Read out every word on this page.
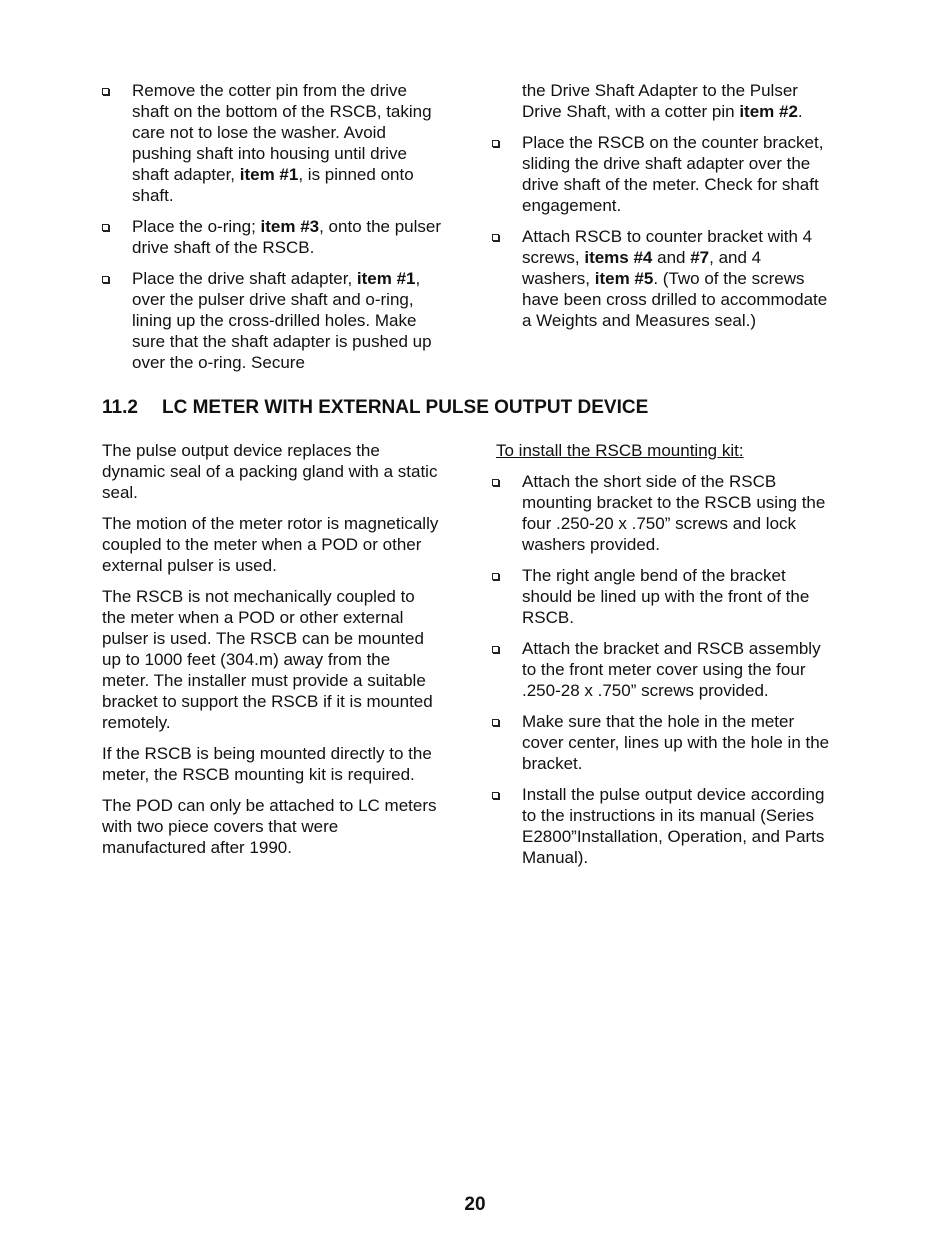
Remove the cotter pin from the drive shaft on the bottom of the RSCB, taking care not to lose the washer. Avoid pushing shaft into housing until drive shaft adapter, item #1, is pinned onto shaft.
Place the o-ring; item #3, onto the pulser drive shaft of the RSCB.
Place the drive shaft adapter, item #1, over the pulser drive shaft and o-ring, lining up the cross-drilled holes. Make sure that the shaft adapter is pushed up over the o-ring. Secure
the Drive Shaft Adapter to the Pulser Drive Shaft, with a cotter pin item #2.
Place the RSCB on the counter bracket, sliding the drive shaft adapter over the drive shaft of the meter. Check for shaft engagement.
Attach RSCB to counter bracket with 4 screws, items #4 and #7, and 4 washers, item #5. (Two of the screws have been cross drilled to accommodate a Weights and Measures seal.)
11.2 LC METER WITH EXTERNAL PULSE OUTPUT DEVICE

The pulse output device replaces the dynamic seal of a packing gland with a static seal.

The motion of the meter rotor is magnetically coupled to the meter when a POD or other external pulser is used.

The RSCB is not mechanically coupled to the meter when a POD or other external pulser is used. The RSCB can be mounted up to 1000 feet (304.m) away from the meter. The installer must provide a suitable bracket to support the RSCB if it is mounted remotely.

If the RSCB is being mounted directly to the meter, the RSCB mounting kit is required.

The POD can only be attached to LC meters with two piece covers that were manufactured after 1990.

To install the RSCB mounting kit:
Attach the short side of the RSCB mounting bracket to the RSCB using the four .250-20 x .750” screws and lock washers provided.
The right angle bend of the bracket should be lined up with the front of the RSCB.
Attach the bracket and RSCB assembly to the front meter cover using the four .250-28 x .750” screws provided.
Make sure that the hole in the meter cover center, lines up with the hole in the bracket.
Install the pulse output device according to the instructions in its manual (Series E2800”Installation, Operation, and Parts Manual).
20
